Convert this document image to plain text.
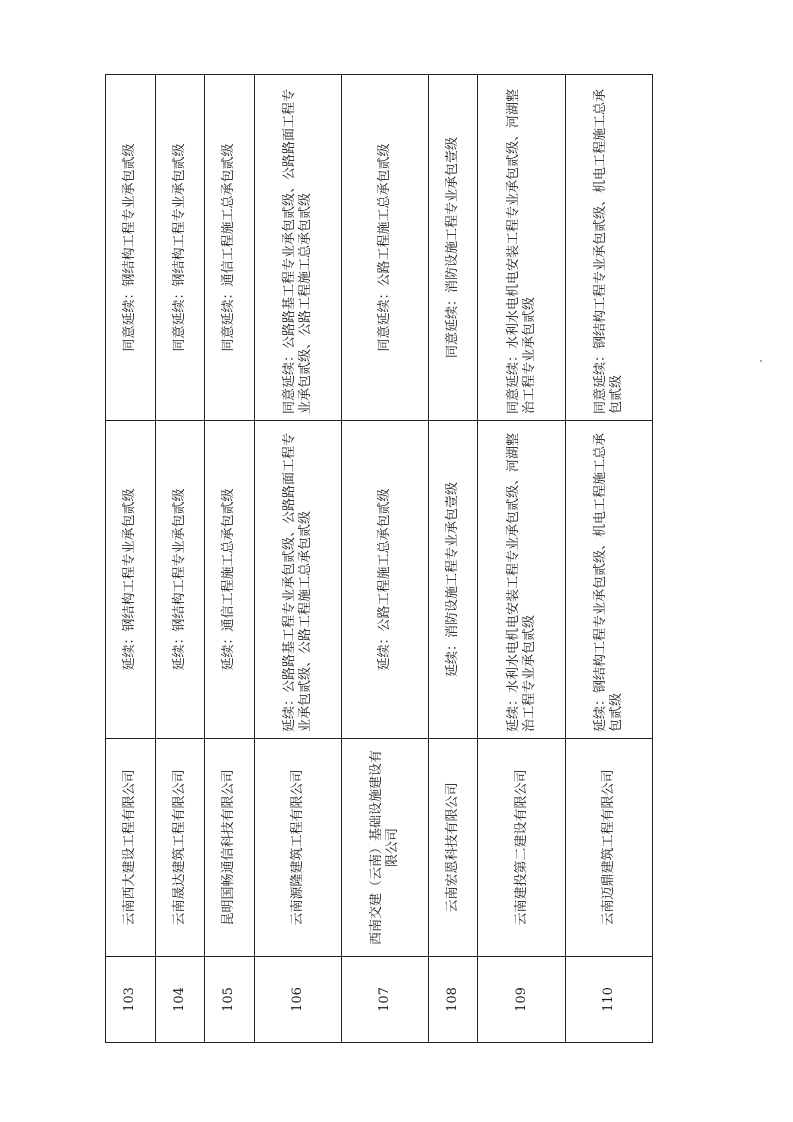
103	云南西大建设工程有限公司	延续：钢结构工程专业承包贰级	同意延续：钢结构工程专业承包贰级
104	云南晟达建筑工程有限公司	延续：钢结构工程专业承包贰级	同意延续：钢结构工程专业承包贰级
105	昆明国畅通信科技有限公司	延续：通信工程施工总承包贰级	同意延续：通信工程施工总承包贰级
106	云南源隆建筑工程有限公司	延续：公路路基工程专业承包贰级、公路路面工程专业承包贰级、公路工程施工总承包贰级	同意延续：公路路基工程专业承包贰级、公路路面工程专业承包贰级、公路工程施工总承包贰级
107	西南交建（云南）基础设施建设有限公司	延续：公路工程施工总承包贰级	同意延续：公路工程施工总承包贰级
108	云南宏恩科技有限公司	延续：消防设施工程专业承包壹级	同意延续：消防设施工程专业承包壹级
109	云南建投第二建设有限公司	延续：水利水电机电安装工程专业承包贰级、河湖整治工程专业承包贰级	同意延续：水利水电机电安装工程专业承包贰级、河湖整治工程专业承包贰级
110	云南迈鼎建筑工程有限公司	延续：钢结构工程专业承包贰级、机电工程施工总承包贰级	同意延续：钢结构工程专业承包贰级、机电工程施工总承包贰级
